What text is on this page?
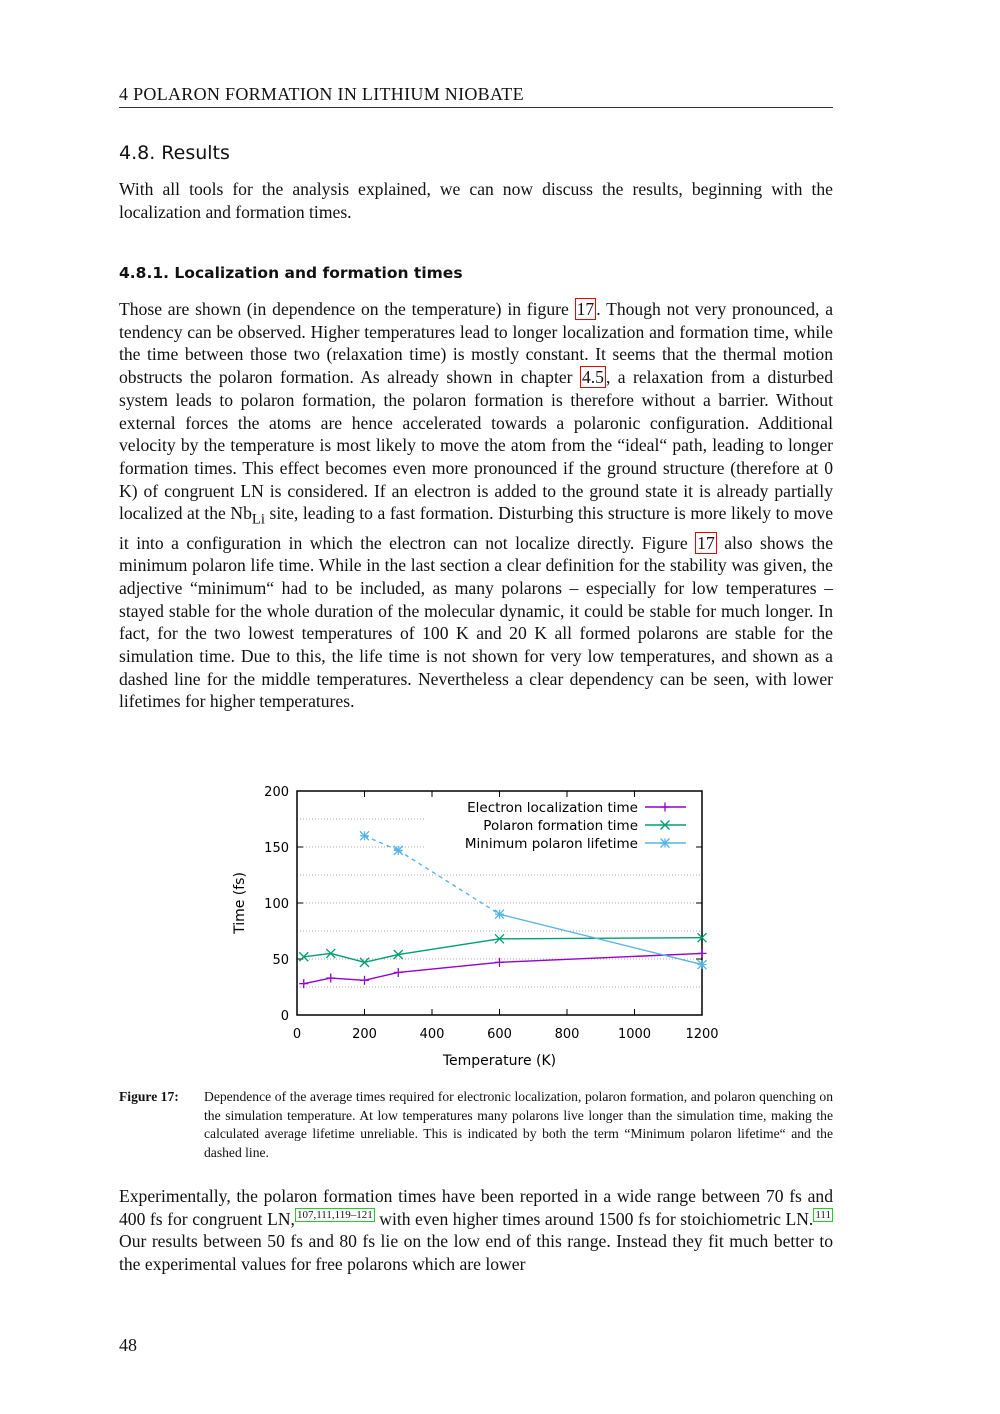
4 POLARON FORMATION IN LITHIUM NIOBATE
4.8. Results
With all tools for the analysis explained, we can now discuss the results, beginning with the localization and formation times.
4.8.1. Localization and formation times
Those are shown (in dependence on the temperature) in figure 17 . Though not very pronounced, a tendency can be observed. Higher temperatures lead to longer localization and formation time, while the time between those two (relaxation time) is mostly constant. It seems that the thermal motion obstructs the polaron formation. As already shown in chapter 4.5 , a relaxation from a disturbed system leads to polaron formation, the polaron formation is therefore without a barrier. Without external forces the atoms are hence accelerated towards a polaronic configuration. Additional velocity by the temperature is most likely to move the atom from the “ideal“ path, leading to longer formation times. This effect becomes even more pronounced if the ground structure (therefore at 0 K) of congruent LN is considered. If an electron is added to the ground state it is already partially localized at the $Nb_{Li}$ site, leading to a fast formation. Disturbing this structure is more likely to move it into a configuration in which the electron can not localize directly. Figure 17 also shows the minimum polaron life time. While in the last section a clear definition for the stability was given, the adjective “minimum“ had to be included, as many polarons – especially for low temperatures – stayed stable for the whole duration of the molecular dynamic, it could be stable for much longer. In fact, for the two lowest temperatures of 100 K and 20 K all formed polarons are stable for the simulation time. Due to this, the life time is not shown for very low temperatures, and shown as a dashed line for the middle temperatures. Nevertheless a clear dependency can be seen, with lower lifetimes for higher temperatures.
0	200	400	600	800	1000	1200
0
50
100
150
200
Temperature (K)
Time (fs)
Electron localization time
Polaron formation time
Minimum polaron lifetime
Figure 17:	Dependence of the average times required for electronic localization, polaron formation, and polaron quenching on the simulation temperature. At low temperatures many polarons live longer than the simulation time, making the calculated average lifetime unreliable. This is indicated by both the term “Minimum polaron lifetime“ and the dashed line.
Experimentally, the polaron formation times have been reported in a wide range between 70 fs and 400 fs for congruent LN, $^{107,111,119-121}$ with even higher times around 1500 fs for stoichiometric LN. $^{111}$ Our results between 50 fs and 80 fs lie on the low end of this range. Instead they fit much better to the experimental values for free polarons which are lower
48
